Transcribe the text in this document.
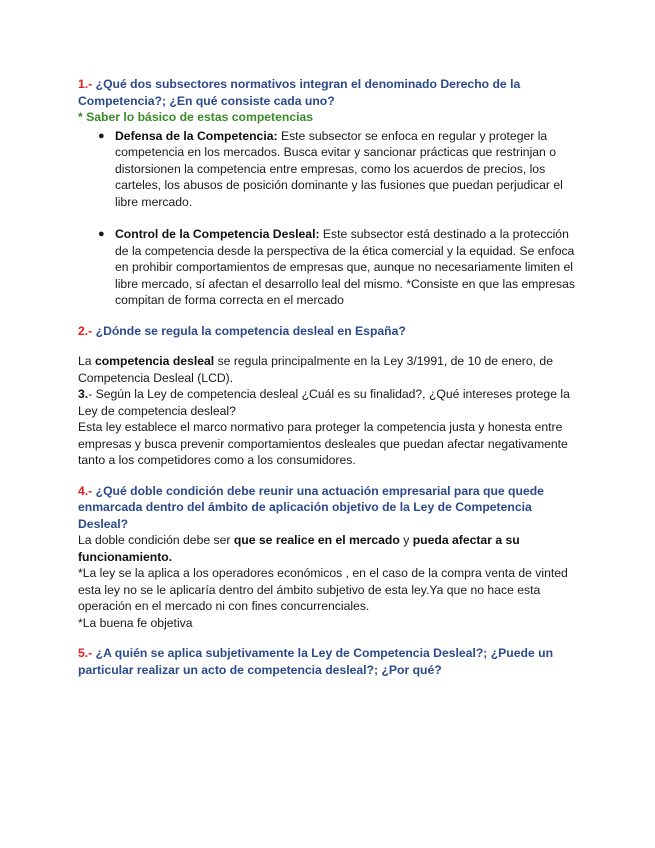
1.- ¿Qué dos subsectores normativos integran el denominado Derecho de la Competencia?; ¿En qué consiste cada uno?

* Saber lo básico de estas competencias

● Defensa de la Competencia: Este subsector se enfoca en regular y proteger la competencia en los mercados. Busca evitar y sancionar prácticas que restrinjan o distorsionen la competencia entre empresas, como los acuerdos de precios, los carteles, los abusos de posición dominante y las fusiones que puedan perjudicar el libre mercado.
● Control de la Competencia Desleal: Este subsector está destinado a la protección de la competencia desde la perspectiva de la ética comercial y la equidad. Se enfoca en prohibir comportamientos de empresas que, aunque no necesariamente limiten el libre mercado, sí afectan el desarrollo leal del mismo. *Consiste en que las empresas compitan de forma correcta en el mercado

2.- ¿Dónde se regula la competencia desleal en España?

La competencia desleal se regula principalmente en la Ley 3/1991, de 10 de enero, de Competencia Desleal (LCD).

3.- Según la Ley de competencia desleal ¿Cuál es su finalidad?, ¿Qué intereses protege la Ley de competencia desleal?

Esta ley establece el marco normativo para proteger la competencia justa y honesta entre empresas y busca prevenir comportamientos desleales que puedan afectar negativamente tanto a los competidores como a los consumidores.

4.- ¿Qué doble condición debe reunir una actuación empresarial para que quede enmarcada dentro del ámbito de aplicación objetivo de la Ley de Competencia Desleal?

La doble condición debe ser que se realice en el mercado y pueda afectar a su funcionamiento.

*La ley se la aplica a los operadores económicos , en el caso de la compra venta de vinted esta ley no se le aplicaría dentro del ámbito subjetivo de esta ley.Ya que no hace esta operación en el mercado ni con fines concurrenciales.

*La buena fe objetiva

5.- ¿A quién se aplica subjetivamente la Ley de Competencia Desleal?; ¿Puede un particular realizar un acto de competencia desleal?; ¿Por qué?
